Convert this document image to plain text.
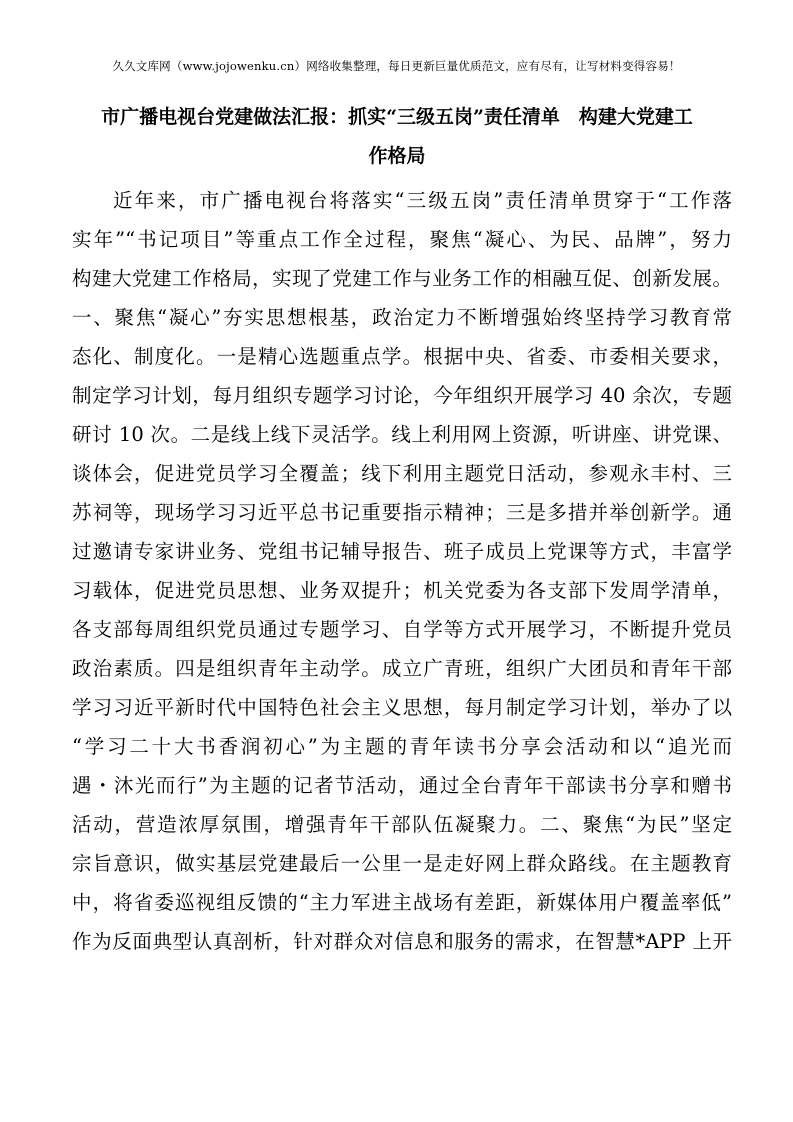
久久文库网（www.jojowenku.cn）网络收集整理，每日更新巨量优质范文，应有尽有，让写材料变得容易！
市广播电视台党建做法汇报：抓实“三级五岗”责任清单　构建大党建工
作格局
近年来，市广播电视台将落实“三级五岗”责任清单贯穿于“工作落
实年”“书记项目”等重点工作全过程，聚焦“凝心、为民、品牌”，努力
构建大党建工作格局，实现了党建工作与业务工作的相融互促、创新发展。
一、聚焦“凝心”夯实思想根基，政治定力不断增强始终坚持学习教育常
态化、制度化。一是精心选题重点学。根据中央、省委、市委相关要求，
制定学习计划，每月组织专题学习讨论，今年组织开展学习 40 余次，专题
研讨 10 次。二是线上线下灵活学。线上利用网上资源，听讲座、讲党课、
谈体会，促进党员学习全覆盖；线下利用主题党日活动，参观永丰村、三
苏祠等，现场学习习近平总书记重要指示精神；三是多措并举创新学。通
过邀请专家讲业务、党组书记辅导报告、班子成员上党课等方式，丰富学
习载体，促进党员思想、业务双提升；机关党委为各支部下发周学清单，
各支部每周组织党员通过专题学习、自学等方式开展学习，不断提升党员
政治素质。四是组织青年主动学。成立广青班，组织广大团员和青年干部
学习习近平新时代中国特色社会主义思想，每月制定学习计划，举办了以
“学习二十大书香润初心”为主题的青年读书分享会活动和以“追光而
遇・沐光而行”为主题的记者节活动，通过全台青年干部读书分享和赠书
活动，营造浓厚氛围，增强青年干部队伍凝聚力。二、聚焦“为民”坚定
宗旨意识，做实基层党建最后一公里一是走好网上群众路线。在主题教育
中，将省委巡视组反馈的“主力军进主战场有差距，新媒体用户覆盖率低”
作为反面典型认真剖析，针对群众对信息和服务的需求，在智慧*APP 上开
